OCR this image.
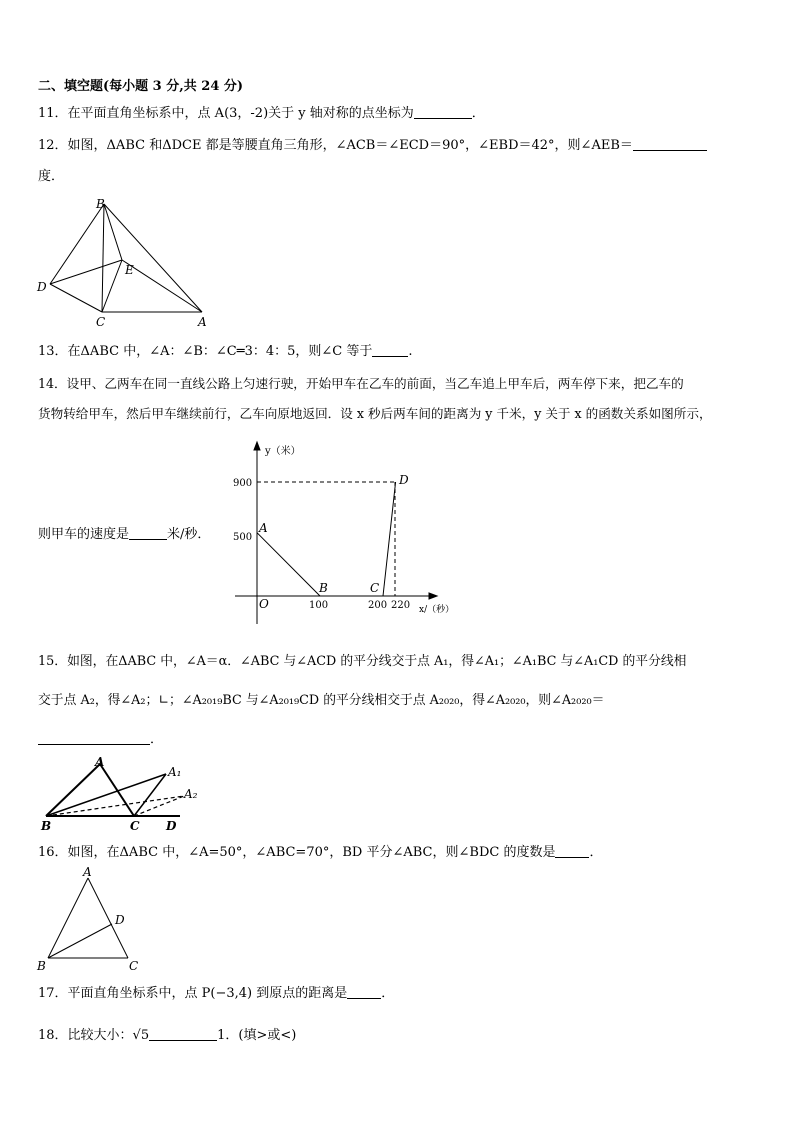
二、填空题(每小题 3 分,共 24 分)
11．在平面直角坐标系中，点 A(3，-2)关于 y 轴对称的点坐标为	．
12．如图，ΔABC 和ΔDCE 都是等腰直角三角形，∠ACB＝∠ECD＝90°，∠EBD＝42°，则∠AEB＝
度．
B
E
D
C	A
13．在ΔABC 中，∠A：∠B：∠C═3：4：5，则∠C 等于	.
14．设甲、乙两车在同一直线公路上匀速行驶，开始甲车在乙车的前面，当乙车追上甲车后，两车停下来，把乙车的
货物转给甲车，然后甲车继续前行，乙车向原地返回．设 x 秒后两车间的距离为 y 千米，y 关于 x 的函数关系如图所示，
则甲车的速度是	米/秒．
y（米）
x/（秒）
900
500
100	200 220
O
A
B	C
D
15．如图，在ΔABC 中，∠A＝α．∠ABC 与∠ACD 的平分线交于点 A₁，得∠A₁；∠A₁BC 与∠A₁CD 的平分线相
交于点 A₂，得∠A₂；∟；∠A₂₀₁₉BC 与∠A₂₀₁₉CD 的平分线相交于点 A₂₀₂₀，得∠A₂₀₂₀，则∠A₂₀₂₀＝
．
A
A₁
A₂
B	C D
16．如图，在ΔABC 中，∠A=50°，∠ABC=70°，BD 平分∠ABC，则∠BDC 的度数是	．
A
D
B	C
17．平面直角坐标系中，点 P(−3,4) 到原点的距离是	．
18．比较大小：√5	1．(填>或<)
